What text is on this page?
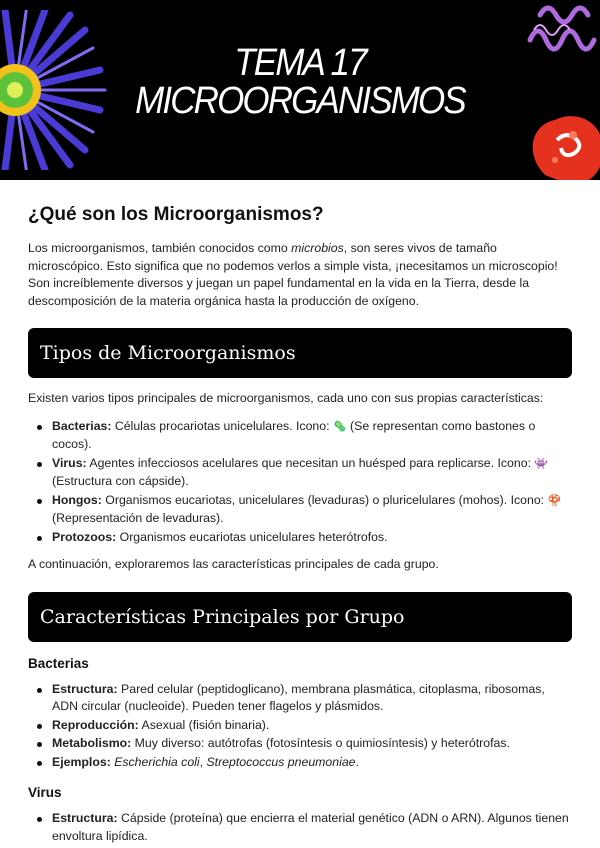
TEMA 17
MICROORGANISMOS
¿Qué son los Microorganismos?

Los microorganismos, también conocidos como microbios, son seres vivos de tamaño microscópico. Esto significa que no podemos verlos a simple vista, ¡necesitamos un microscopio! Son increíblemente diversos y juegan un papel fundamental en la vida en la Tierra, desde la descomposición de la materia orgánica hasta la producción de oxígeno.

Tipos de Microorganismos

Existen varios tipos principales de microorganismos, cada uno con sus propias características:

Bacterias: Células procariotas unicelulares. Icono: 🦠 (Se representan como bastones o cocos).
Virus: Agentes infecciosos acelulares que necesitan un huésped para replicarse. Icono: 👾 (Estructura con cápside).
Hongos: Organismos eucariotas, unicelulares (levaduras) o pluricelulares (mohos). Icono: 🍄 (Representación de levaduras).
Protozoos: Organismos eucariotas unicelulares heterótrofos.

A continuación, exploraremos las características principales de cada grupo.

Características Principales por Grupo
Bacterias
Estructura: Pared celular (peptidoglicano), membrana plasmática, citoplasma, ribosomas, ADN circular (nucleoide). Pueden tener flagelos y plásmidos.
Reproducción: Asexual (fisión binaria).
Metabolismo: Muy diverso: autótrofas (fotosíntesis o quimiosíntesis) y heterótrofas.
Ejemplos: Escherichia coli, Streptococcus pneumoniae.
Virus
Estructura: Cápside (proteína) que encierra el material genético (ADN o ARN). Algunos tienen envoltura lipídica.
